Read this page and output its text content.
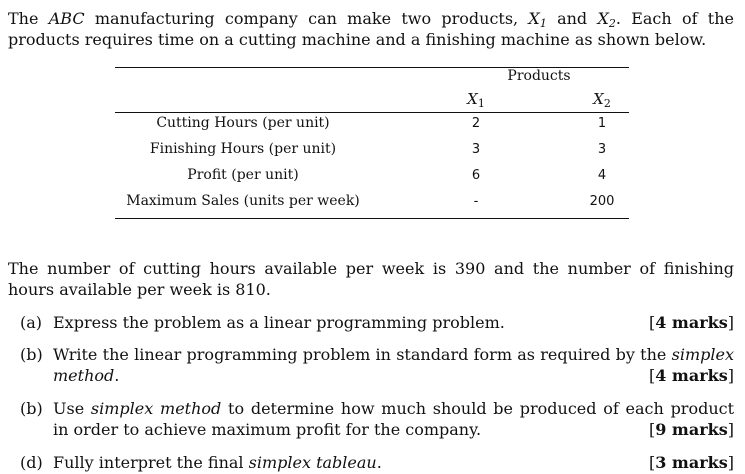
The ABC manufacturing company can make two products, $X_1$ and $X_2$. Each of the products requires time on a cutting machine and a finishing machine as shown below.
Products
$X_1$	$X_2$
Cutting Hours (per unit)	2	1
Finishing Hours (per unit)	3	3
Profit (per unit)	6	4
Maximum Sales (units per week)	-	200
The number of cutting hours available per week is 390 and the number of finishing hours available per week is 810.
(a) Express the problem as a linear programming problem.	[4 marks]
(b) Write the linear programming problem in standard form as required by the simplex method.	[4 marks]
(b) Use simplex method to determine how much should be produced of each product in order to achieve maximum profit for the company.	[9 marks]
(d) Fully interpret the final simplex tableau.	[3 marks]
